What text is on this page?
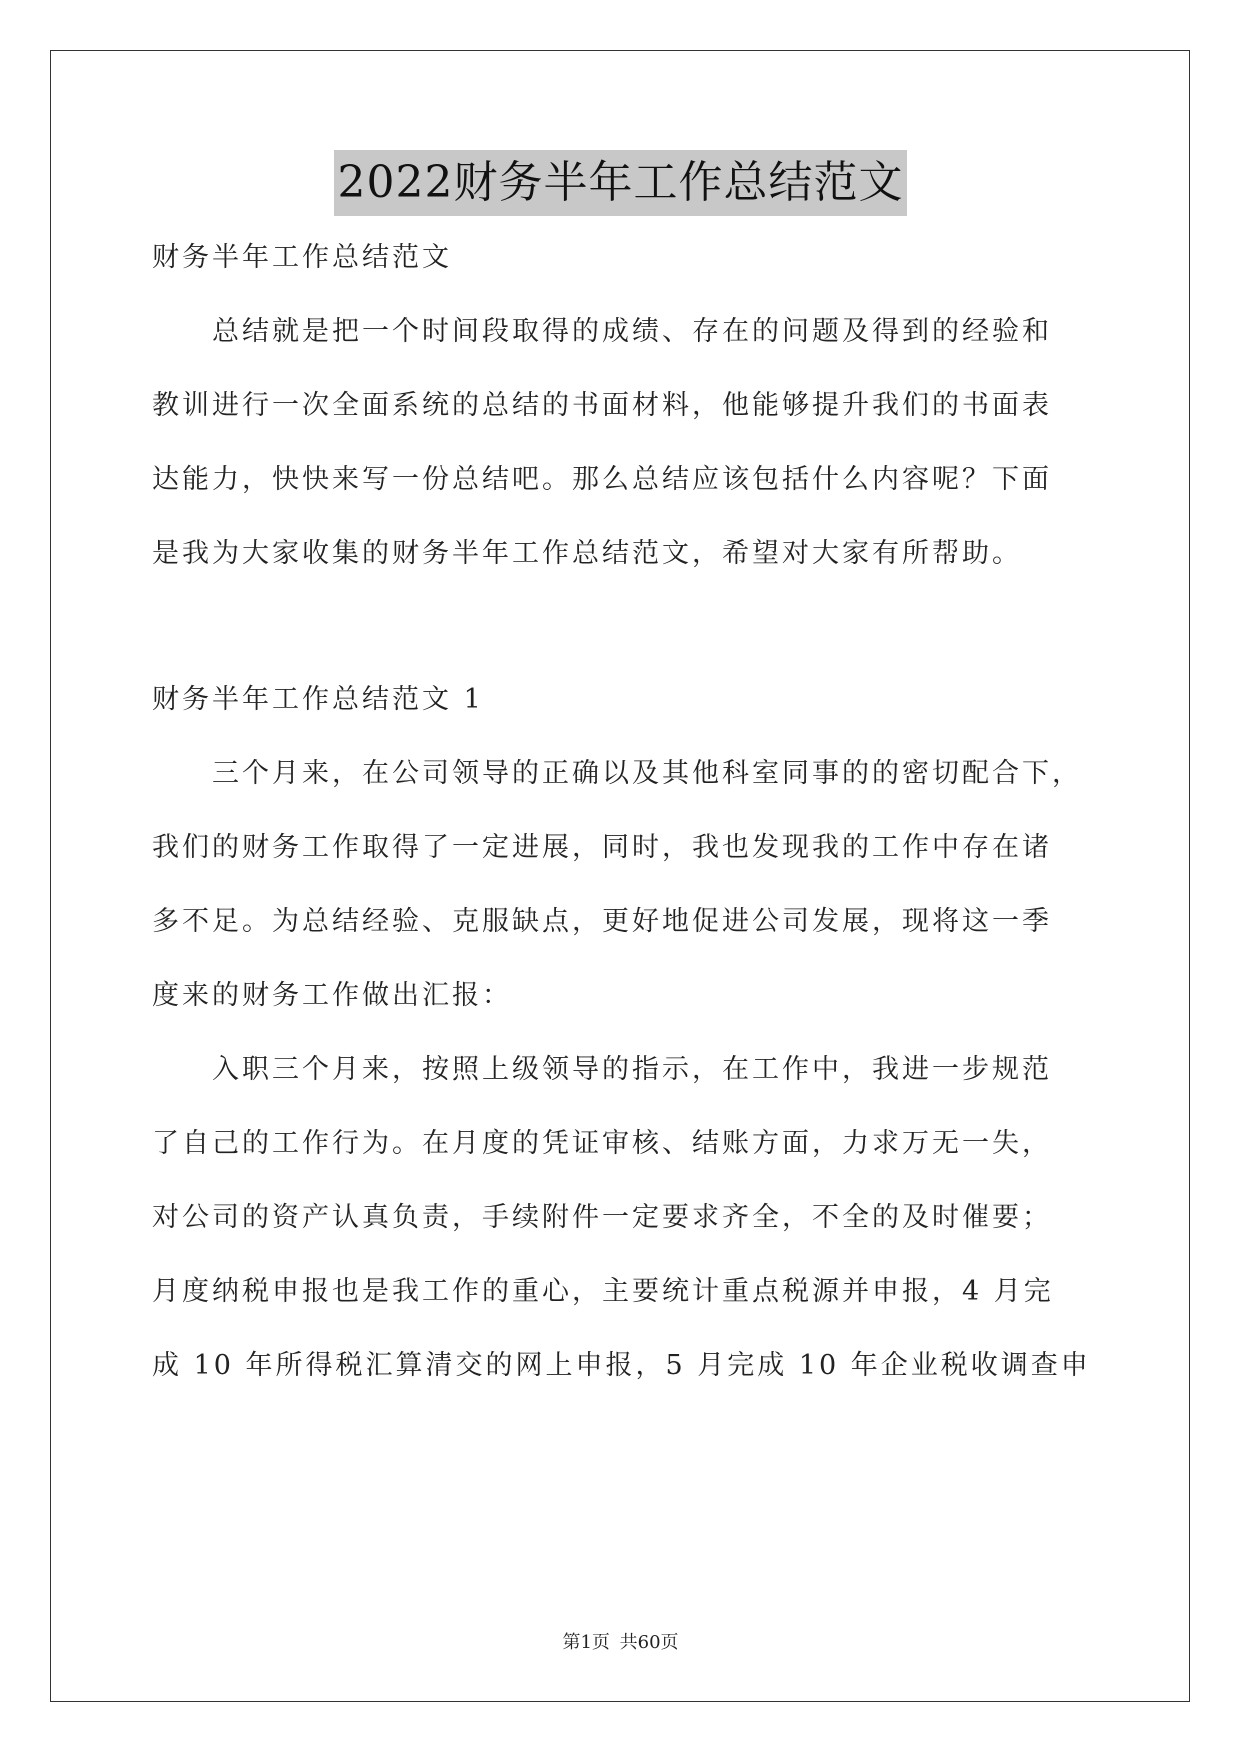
2022财务半年工作总结范文
财务半年工作总结范文
总结就是把一个时间段取得的成绩、存在的问题及得到的经验和
教训进行一次全面系统的总结的书面材料，他能够提升我们的书面表
达能力，快快来写一份总结吧。那么总结应该包括什么内容呢？下面
是我为大家收集的财务半年工作总结范文，希望对大家有所帮助。
财务半年工作总结范文 1
三个月来，在公司领导的正确以及其他科室同事的的密切配合下，
我们的财务工作取得了一定进展，同时，我也发现我的工作中存在诸
多不足。为总结经验、克服缺点，更好地促进公司发展，现将这一季
度来的财务工作做出汇报：
入职三个月来，按照上级领导的指示，在工作中，我进一步规范
了自己的工作行为。在月度的凭证审核、结账方面，力求万无一失，
对公司的资产认真负责，手续附件一定要求齐全，不全的及时催要；
月度纳税申报也是我工作的重心，主要统计重点税源并申报，4 月完
成 10 年所得税汇算清交的网上申报，5 月完成 10 年企业税收调查申
第1页 共60页
